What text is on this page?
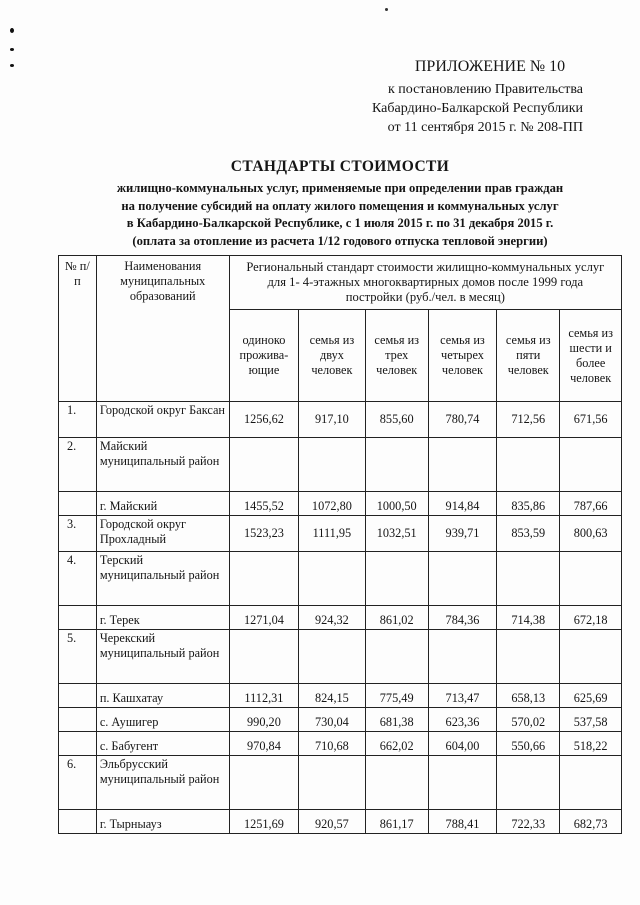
ПРИЛОЖЕНИЕ № 10
к постановлению Правительства
Кабардино-Балкарской Республики
от 11 сентября 2015 г. № 208-ПП
СТАНДАРТЫ СТОИМОСТИ
жилищно-коммунальных услуг, применяемые при определении прав граждан
на получение субсидий на оплату жилого помещения и коммунальных услуг
в Кабардино-Балкарской Республике, с 1 июля 2015 г. по 31 декабря 2015 г.
(оплата за отопление из расчета 1/12 годового отпуска тепловой энергии)
№ п/п	Наименования муниципальных образований	Региональный стандарт стоимости жилищно-коммунальных услуг для 1- 4-этажных многоквартирных домов после 1999 года постройки (руб./чел. в месяц)					
		одиноко прожива- ющие	семья из двух человек	семья из трех человек	семья из четырех человек	семья из пяти человек	семья из шести и более человек
1.	Городской округ Баксан	1256,62	917,10	855,60	780,74	712,56	671,56
2.	Майский муниципальный район						
	г. Майский	1455,52	1072,80	1000,50	914,84	835,86	787,66
3.	Городской округ Прохладный	1523,23	1111,95	1032,51	939,71	853,59	800,63
4.	Терский муниципальный район						
	г. Терек	1271,04	924,32	861,02	784,36	714,38	672,18
5.	Черекский муниципальный район						
	п. Кашхатау	1112,31	824,15	775,49	713,47	658,13	625,69
	с. Аушигер	990,20	730,04	681,38	623,36	570,02	537,58
	с. Бабугент	970,84	710,68	662,02	604,00	550,66	518,22
6.	Эльбрусский муниципальный район						
	г. Тырныауз	1251,69	920,57	861,17	788,41	722,33	682,73
